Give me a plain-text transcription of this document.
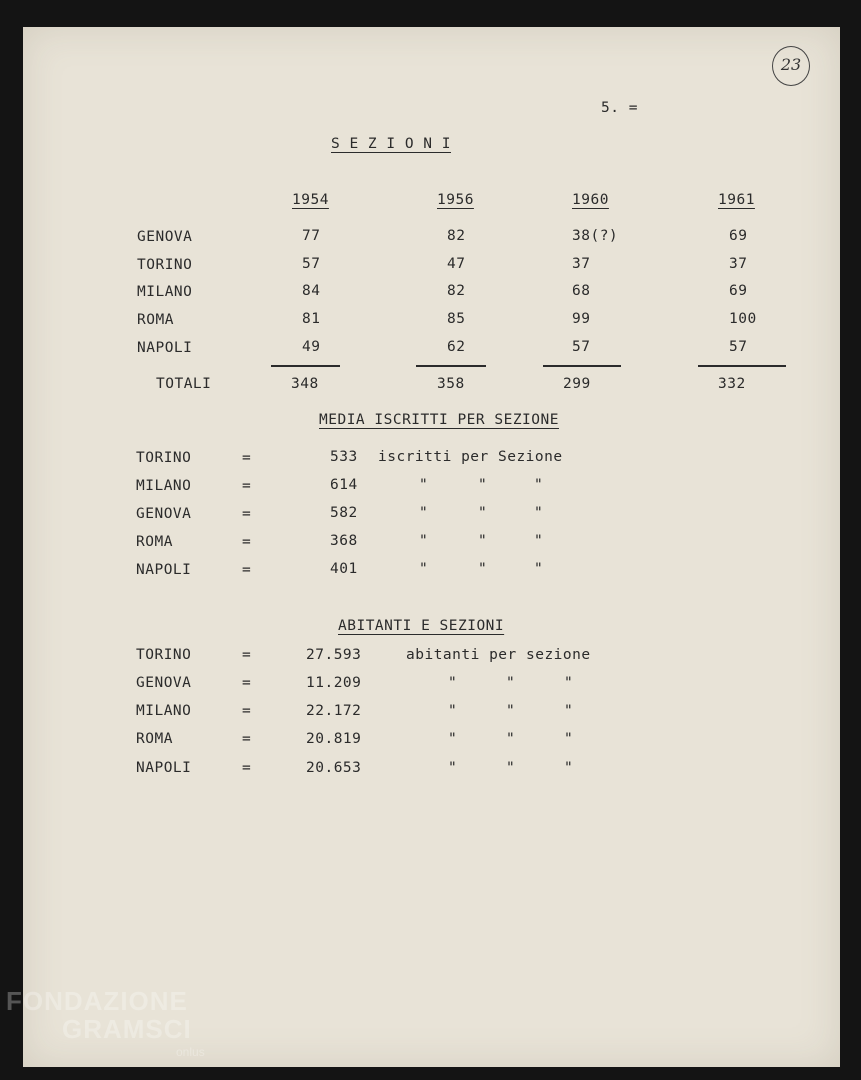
23
5. =
S E Z I O N I
1954	1956	1960	1961
GENOVA	77	82	38(?)	69
TORINO	57	47	37	37
MILANO	84	82	68	69
ROMA	81	85	99	100
NAPOLI	49	62	57	57
TOTALI	348	358	299	332
MEDIA ISCRITTI PER SEZIONE
TORINO	=	533 iscritti per Sezione
MILANO	=	614	"	"	"
GENOVA	=	582	"	"	"
ROMA	=	368	"	"	"
NAPOLI	=	401	"	"	"
ABITANTI E SEZIONI
TORINO	=	27.593	abitanti per sezione
GENOVA	=	11.209	"	"	"
MILANO	=	22.172	"	"	"
ROMA	=	20.819	"	"	"
NAPOLI	=	20.653	"	"	"
FONDAZIONE
GRAMSCI
onlus
